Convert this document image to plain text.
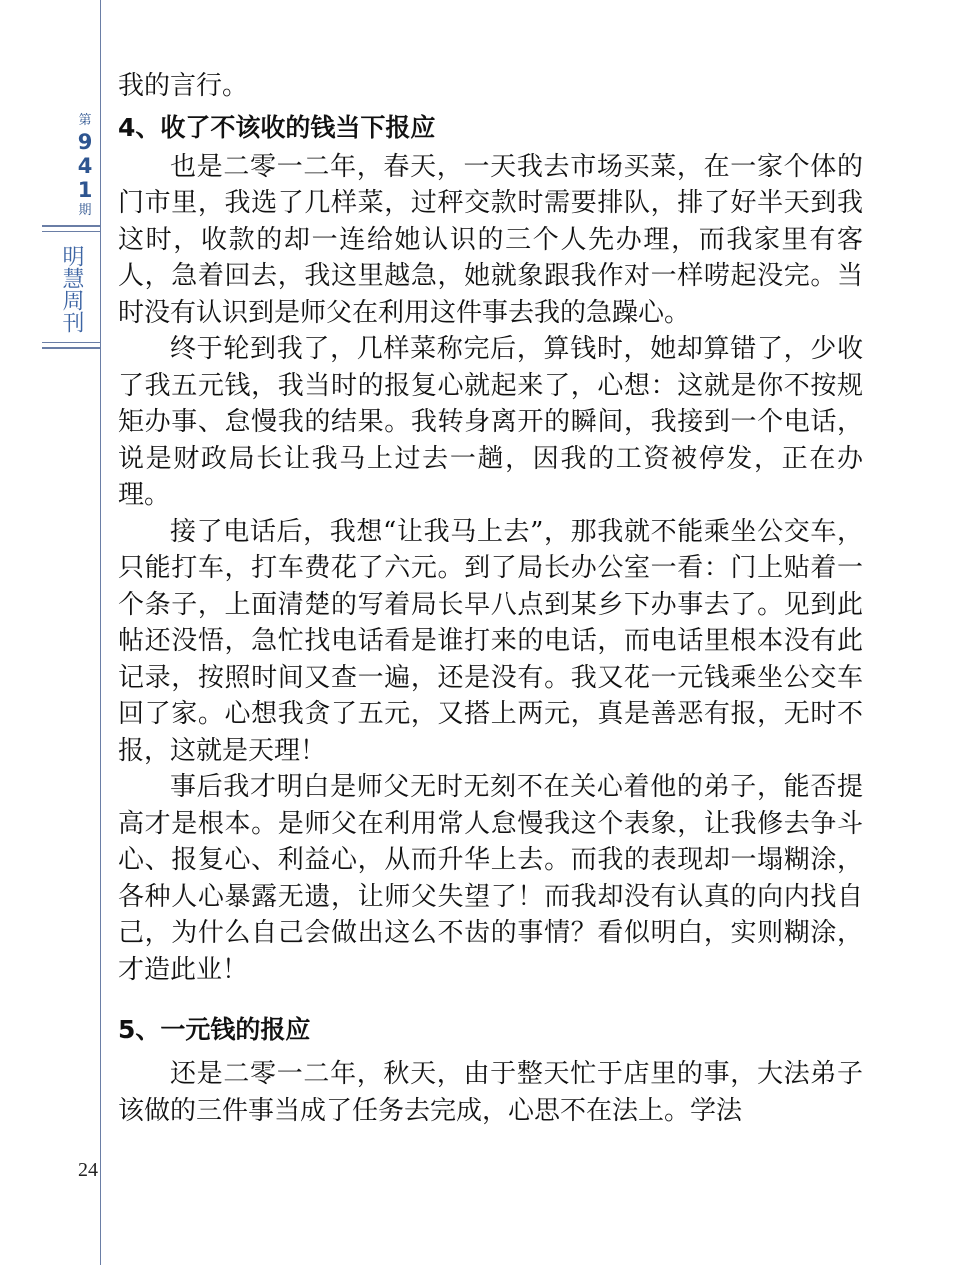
第
9
4
1
期
明慧周刊
24

我的言行。

4、收了不该收的钱当下报应

也是二零一二年，春天，一天我去市场买菜，在一家个体的门市里，我选了几样菜，过秤交款时需要排队，排了好半天到我这时，收款的却一连给她认识的三个人先办理，而我家里有客人，急着回去，我这里越急，她就象跟我作对一样唠起没完。当时没有认识到是师父在利用这件事去我的急躁心。

终于轮到我了，几样菜称完后，算钱时，她却算错了，少收了我五元钱，我当时的报复心就起来了，心想：这就是你不按规矩办事、怠慢我的结果。我转身离开的瞬间，我接到一个电话，说是财政局长让我马上过去一趟，因我的工资被停发，正在办理。

接了电话后，我想“让我马上去”，那我就不能乘坐公交车，只能打车，打车费花了六元。到了局长办公室一看：门上贴着一个条子，上面清楚的写着局长早八点到某乡下办事去了。见到此帖还没悟，急忙找电话看是谁打来的电话，而电话里根本没有此记录，按照时间又查一遍，还是没有。我又花一元钱乘坐公交车回了家。心想我贪了五元，又搭上两元，真是善恶有报，无时不报，这就是天理！

事后我才明白是师父无时无刻不在关心着他的弟子，能否提高才是根本。是师父在利用常人怠慢我这个表象，让我修去争斗心、报复心、利益心，从而升华上去。而我的表现却一塌糊涂，各种人心暴露无遗，让师父失望了！而我却没有认真的向内找自己，为什么自己会做出这么不齿的事情？看似明白，实则糊涂，才造此业！

5、一元钱的报应

还是二零一二年，秋天，由于整天忙于店里的事，大法弟子该做的三件事当成了任务去完成，心思不在法上。学法
